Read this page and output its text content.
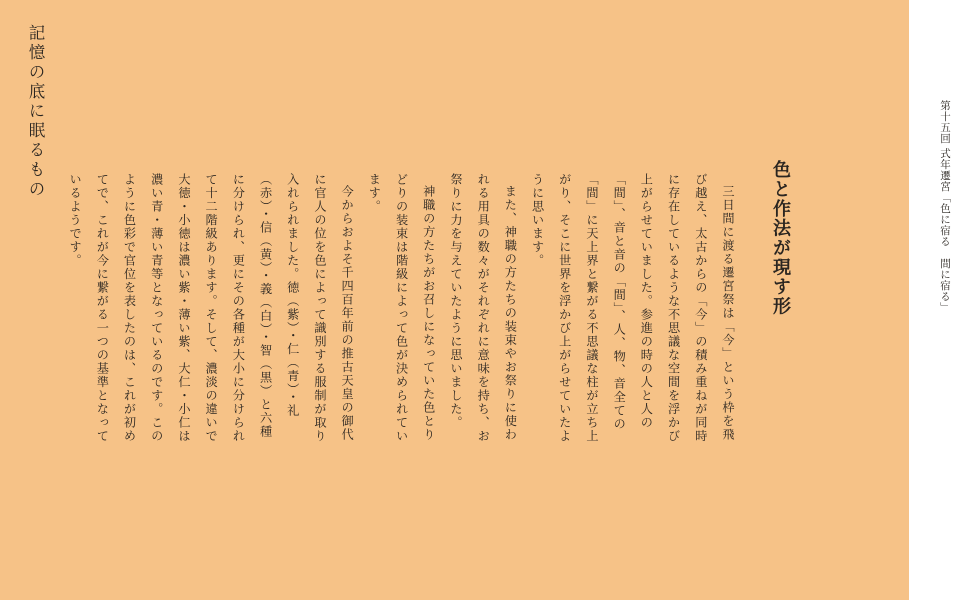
記憶の底に眠るもの
色と作法が現す形

三日間に渡る遷宮祭は「今」という枠を飛び越え、太古からの「今」の積み重ねが同時に存在しているような不思議な空間を浮かび上がらせていました。参進の時の人と人の「間」、音と音の「間」、人、物、音全ての「間」に天上界と繋がる不思議な柱が立ち上がり、そこに世界を浮かび上がらせていたように思います。

また、神職の方たちの装束やお祭りに使われる用具の数々がそれぞれに意味を持ち、お祭りに力を与えていたように思いました。

神職の方たちがお召しになっていた色とりどりの装束は階級によって色が決められています。

今からおよそ千四百年前の推古天皇の御代に官人の位を色によって識別する服制が取り入れられました。徳（紫）・仁（青）・礼（赤）・信（黄）・義（白）・智（黒）と六種に分けられ、更にその各種が大小に分けられて十二階級あります。そして、濃淡の違いで大徳・小徳は濃い紫・薄い紫、大仁・小仁は濃い青・薄い青等となっているのです。このように色彩で官位を表したのは、これが初めてで、これが今に繋がる一つの基準となっているようです。	第十五回 式年遷宮「色に宿る　間に宿る」
